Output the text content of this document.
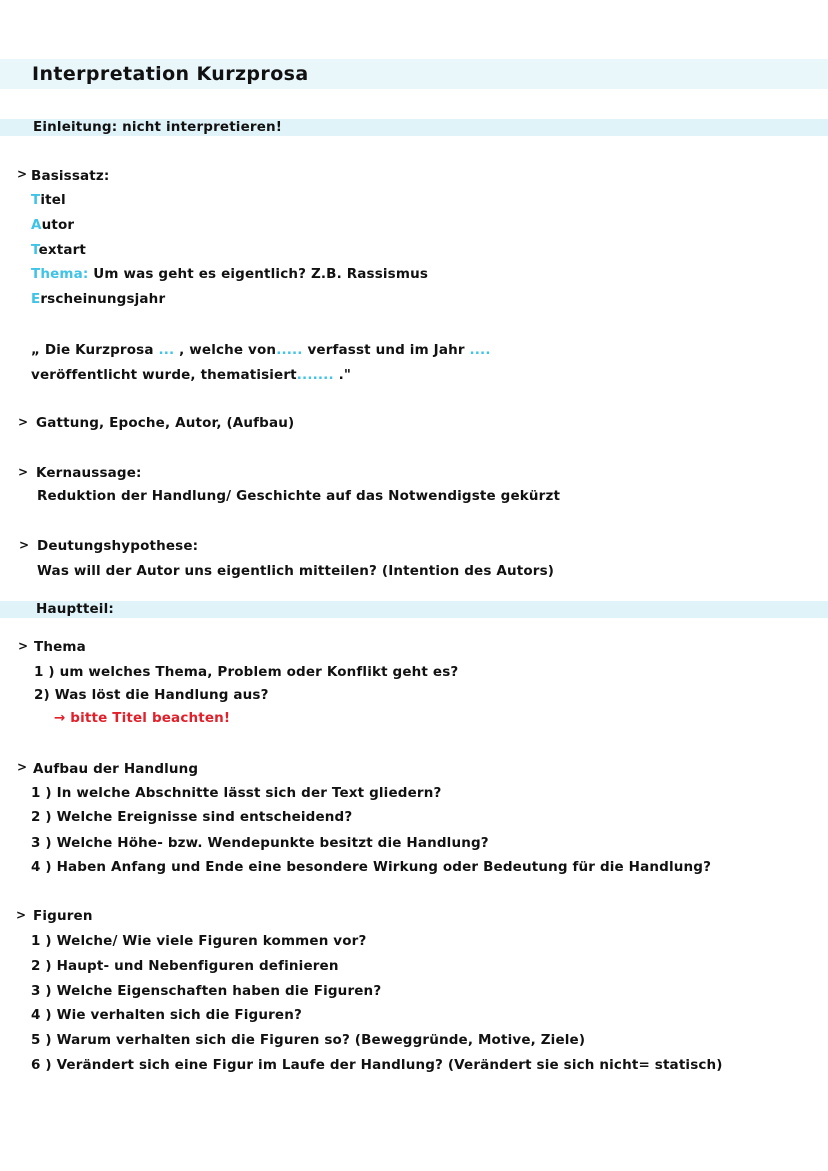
Interpretation Kurzprosa
Einleitung: nicht interpretieren!
> Basissatz:
Titel
Autor
Textart
Thema: Um was geht es eigentlich? Z.B. Rassismus
Erscheinungsjahr
„ Die Kurzprosa ... , welche von..... verfasst und im Jahr ....
veröffentlicht wurde, thematisiert....... ."
> Gattung, Epoche, Autor, (Aufbau)
> Kernaussage:
Reduktion der Handlung/ Geschichte auf das Notwendigste gekürzt
> Deutungshypothese:
Was will der Autor uns eigentlich mitteilen? (Intention des Autors)
Hauptteil:
> Thema
1 ) um welches Thema, Problem oder Konflikt geht es?
2) Was löst die Handlung aus?
→ bitte Titel beachten!
> Aufbau der Handlung
1 ) In welche Abschnitte lässt sich der Text gliedern?
2 ) Welche Ereignisse sind entscheidend?
3 ) Welche Höhe- bzw. Wendepunkte besitzt die Handlung?
4 ) Haben Anfang und Ende eine besondere Wirkung oder Bedeutung für die Handlung?
> Figuren
1 ) Welche/ Wie viele Figuren kommen vor?
2 ) Haupt- und Nebenfiguren definieren
3 ) Welche Eigenschaften haben die Figuren?
4 ) Wie verhalten sich die Figuren?
5 ) Warum verhalten sich die Figuren so? (Beweggründe, Motive, Ziele)
6 ) Verändert sich eine Figur im Laufe der Handlung? (Verändert sie sich nicht= statisch)
